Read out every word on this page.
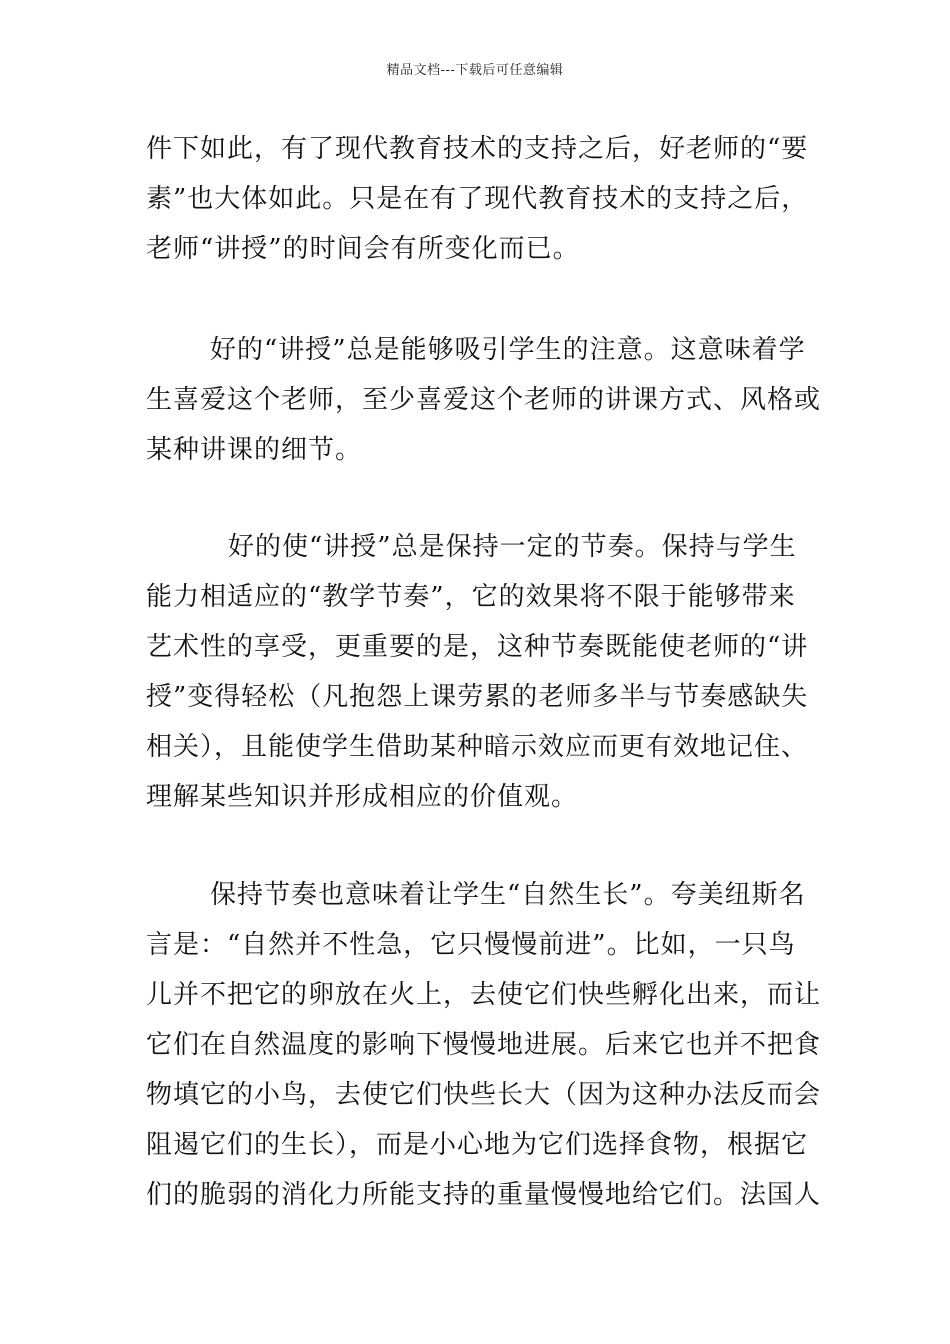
精品文档---下载后可任意编辑
件下如此，有了现代教育技术的支持之后，好老师的“要
素”也大体如此。只是在有了现代教育技术的支持之后，
老师“讲授”的时间会有所变化而已。
好的“讲授”总是能够吸引学生的注意。这意味着学
生喜爱这个老师，至少喜爱这个老师的讲课方式、风格或
某种讲课的细节。
好的使“讲授”总是保持一定的节奏。保持与学生
能力相适应的“教学节奏”，它的效果将不限于能够带来
艺术性的享受，更重要的是，这种节奏既能使老师的“讲
授”变得轻松（凡抱怨上课劳累的老师多半与节奏感缺失
相关），且能使学生借助某种暗示效应而更有效地记住、
理解某些知识并形成相应的价值观。
保持节奏也意味着让学生“自然生长”。夸美纽斯名
言是：“自然并不性急，它只慢慢前进”。比如，一只鸟
儿并不把它的卵放在火上，去使它们快些孵化出来，而让
它们在自然温度的影响下慢慢地进展。后来它也并不把食
物填它的小鸟，去使它们快些长大（因为这种办法反而会
阻遏它们的生长），而是小心地为它们选择食物，根据它
们的脆弱的消化力所能支持的重量慢慢地给它们。法国人
